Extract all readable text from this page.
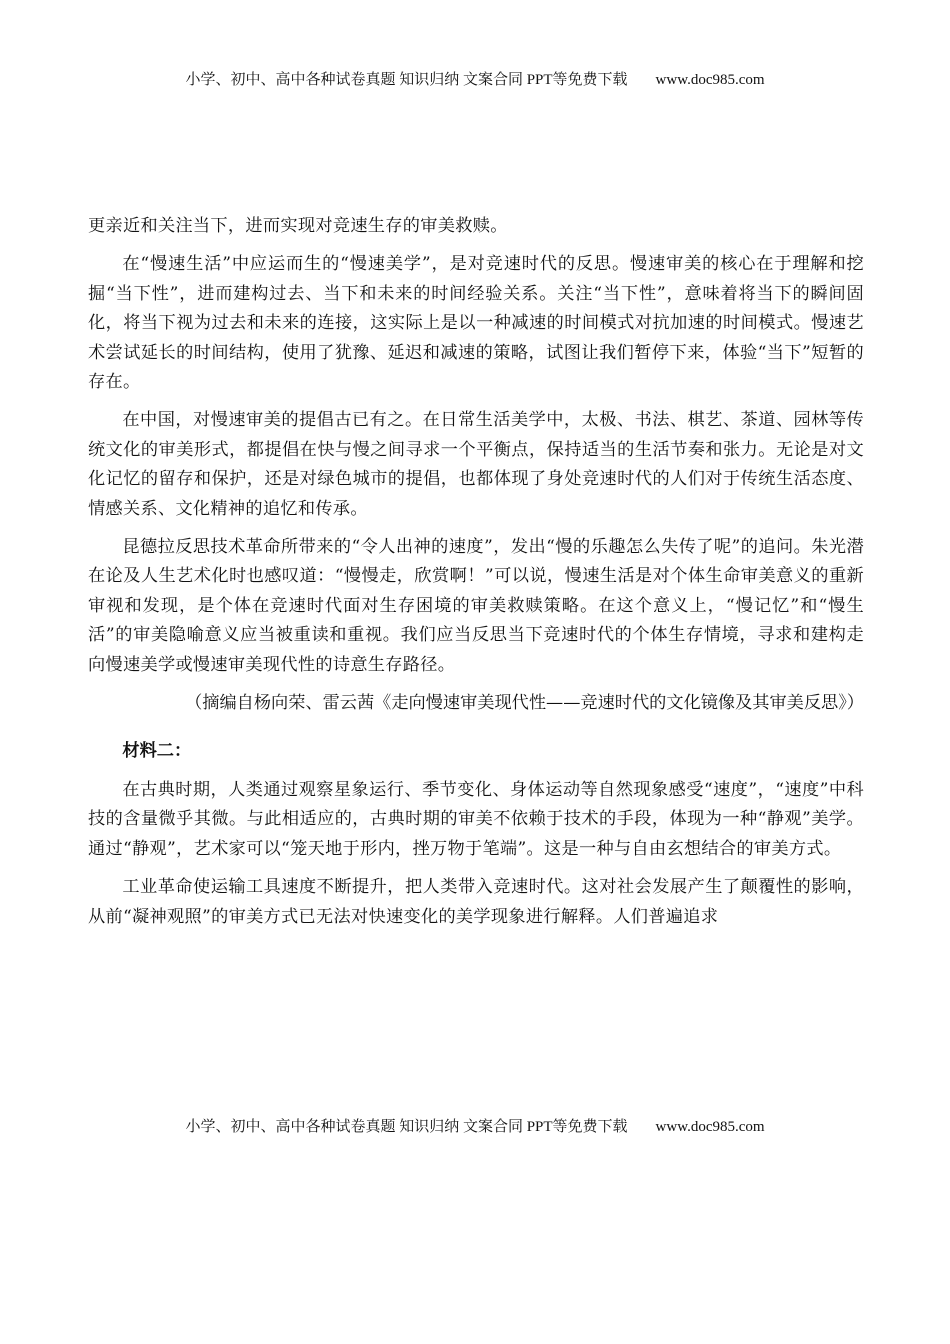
小学、初中、高中各种试卷真题 知识归纳 文案合同 PPT等免费下载 www.doc985.com

更亲近和关注当下，进而实现对竞速生存的审美救赎。

在“慢速生活”中应运而生的“慢速美学”，是对竞速时代的反思。慢速审美的核心在于理解和挖掘“当下性”，进而建构过去、当下和未来的时间经验关系。关注“当下性”，意味着将当下的瞬间固化，将当下视为过去和未来的连接，这实际上是以一种减速的时间模式对抗加速的时间模式。慢速艺术尝试延长的时间结构，使用了犹豫、延迟和减速的策略，试图让我们暂停下来，体验“当下”短暂的存在。

在中国，对慢速审美的提倡古已有之。在日常生活美学中，太极、书法、棋艺、茶道、园林等传统文化的审美形式，都提倡在快与慢之间寻求一个平衡点，保持适当的生活节奏和张力。无论是对文化记忆的留存和保护，还是对绿色城市的提倡，也都体现了身处竞速时代的人们对于传统生活态度、情感关系、文化精神的追忆和传承。

昆德拉反思技术革命所带来的“令人出神的速度”，发出“慢的乐趣怎么失传了呢”的追问。朱光潜在论及人生艺术化时也感叹道：“慢慢走，欣赏啊！”可以说，慢速生活是对个体生命审美意义的重新审视和发现，是个体在竞速时代面对生存困境的审美救赎策略。在这个意义上，“慢记忆”和“慢生活”的审美隐喻意义应当被重读和重视。我们应当反思当下竞速时代的个体生存情境，寻求和建构走向慢速美学或慢速审美现代性的诗意生存路径。

（摘编自杨向荣、雷云茜《走向慢速审美现代性——竞速时代的文化镜像及其审美反思》）

材料二：

在古典时期，人类通过观察星象运行、季节变化、身体运动等自然现象感受“速度”，“速度”中科技的含量微乎其微。与此相适应的，古典时期的审美不依赖于技术的手段，体现为一种“静观”美学。通过“静观”，艺术家可以“笼天地于形内，挫万物于笔端”。这是一种与自由玄想结合的审美方式。

工业革命使运输工具速度不断提升，把人类带入竞速时代。这对社会发展产生了颠覆性的影响，从前“凝神观照”的审美方式已无法对快速变化的美学现象进行解释。人们普遍追求

小学、初中、高中各种试卷真题 知识归纳 文案合同 PPT等免费下载 www.doc985.com
